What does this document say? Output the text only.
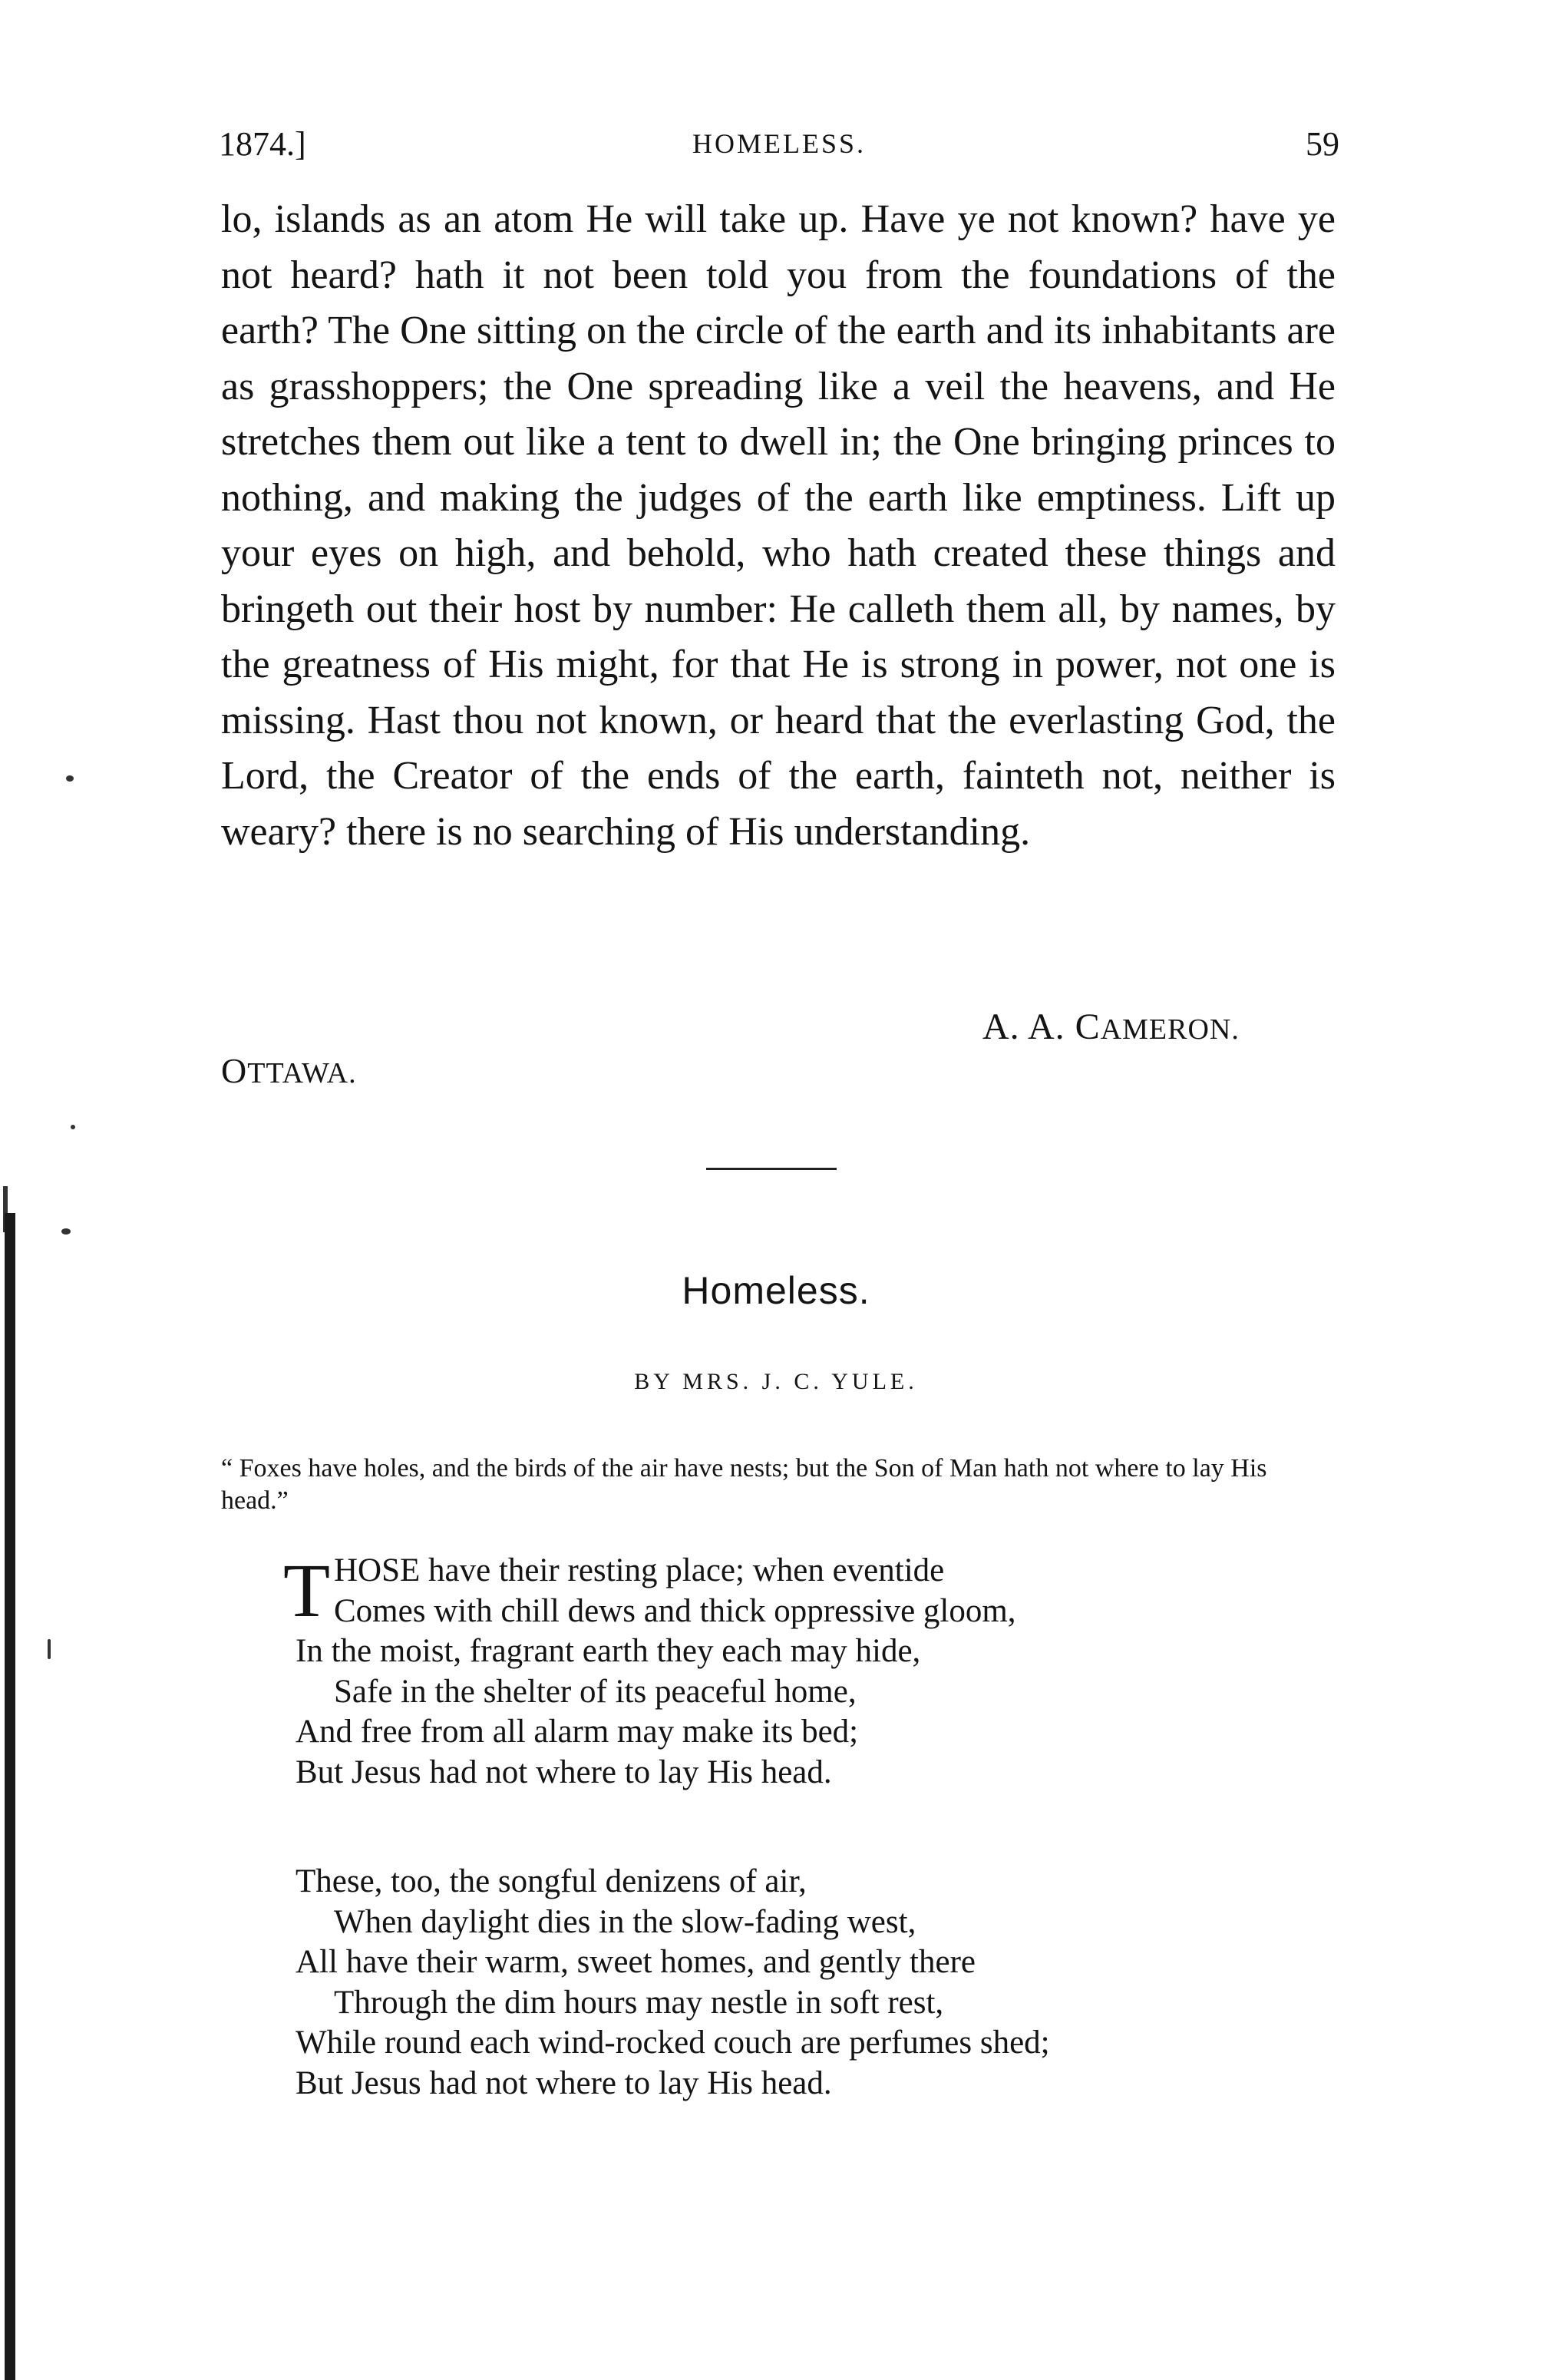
1874.]	HOMELESS.	59

lo, islands as an atom He will take up. Have ye not known? have ye not heard? hath it not been told you from the foundations of the earth? The One sitting on the circle of the earth and its inhabitants are as grasshoppers; the One spreading like a veil the heavens, and He stretches them out like a tent to dwell in; the One bringing princes to nothing, and making the judges of the earth like emptiness. Lift up your eyes on high, and behold, who hath created these things and bringeth out their host by number: He calleth them all, by names, by the greatness of His might, for that He is strong in power, not one is missing. Hast thou not known, or heard that the everlasting God, the Lord, the Creator of the ends of the earth, fainteth not, neither is weary? there is no searching of His understanding.

A. A. CAMERON.
OTTAWA.
Homeless.
BY MRS. J. C. YULE.

“ Foxes have holes, and the birds of the air have nests; but the Son of Man hath not where to lay His head.”

T HOSE have their resting place; when eventide
Comes with chill dews and thick oppressive gloom,
In the moist, fragrant earth they each may hide,
Safe in the shelter of its peaceful home,
And free from all alarm may make its bed;
But Jesus had not where to lay His head.
These, too, the songful denizens of air,
When daylight dies in the slow-fading west,
All have their warm, sweet homes, and gently there
Through the dim hours may nestle in soft rest,
While round each wind-rocked couch are perfumes shed;
But Jesus had not where to lay His head.
